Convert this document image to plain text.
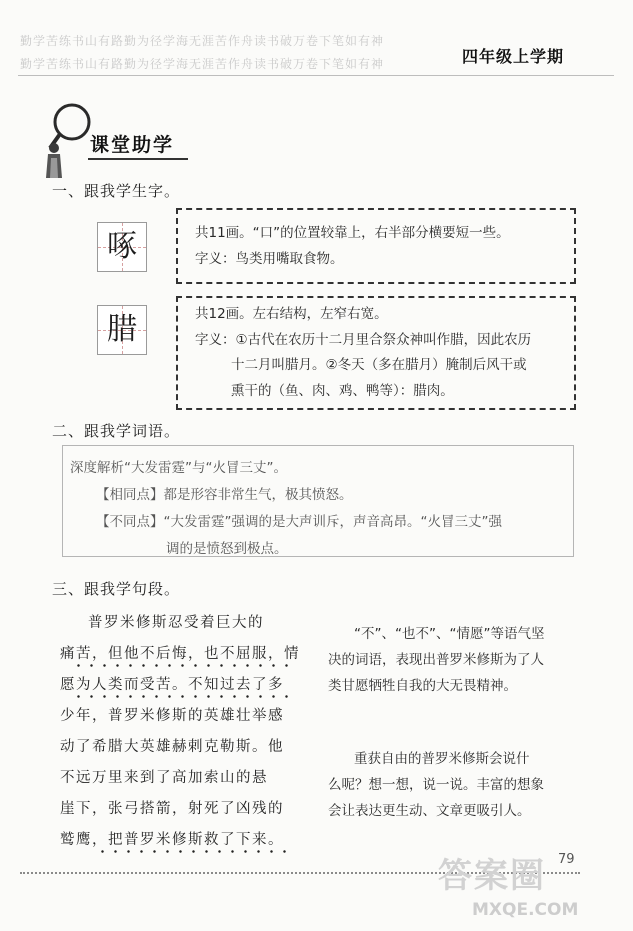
勤学苦练书山有路勤为径学海无涯苦作舟读书破万卷下笔如有神
勤学苦练书山有路勤为径学海无涯苦作舟读书破万卷下笔如有神	四年级上学期
课堂助学
一、跟我学生字。
啄	共11画。“口”的位置较靠上，右半部分横要短一些。
字义：鸟类用嘴取食物。
腊	共12画。左右结构，左窄右宽。
字义：①古代在农历十二月里合祭众神叫作腊，因此农历
十二月叫腊月。②冬天（多在腊月）腌制后风干或
熏干的（鱼、肉、鸡、鸭等）：腊肉。
二、跟我学词语。
深度解析“大发雷霆”与“火冒三丈”。
【相同点】都是形容非常生气，极其愤怒。
【不同点】“大发雷霆”强调的是大声训斥，声音高昂。“火冒三丈”强
调的是愤怒到极点。
三、跟我学句段。
普罗米修斯忍受着巨大的
痛苦，但他不后悔，也不屈服，情
愿为人类而受苦。不知过去了多
少年，普罗米修斯的英雄壮举感
动了希腊大英雄赫剌克勒斯。他
不远万里来到了高加索山的悬
崖下，张弓搭箭，射死了凶残的
鹫鹰，把普罗米修斯救了下来。
“不”、“也不”、“情愿”等语气坚
决的词语，表现出普罗米修斯为了人
类甘愿牺牲自我的大无畏精神。
重获自由的普罗米修斯会说什
么呢？想一想，说一说。丰富的想象
会让表达更生动、文章更吸引人。
79
答案圈
MXQE.COM
